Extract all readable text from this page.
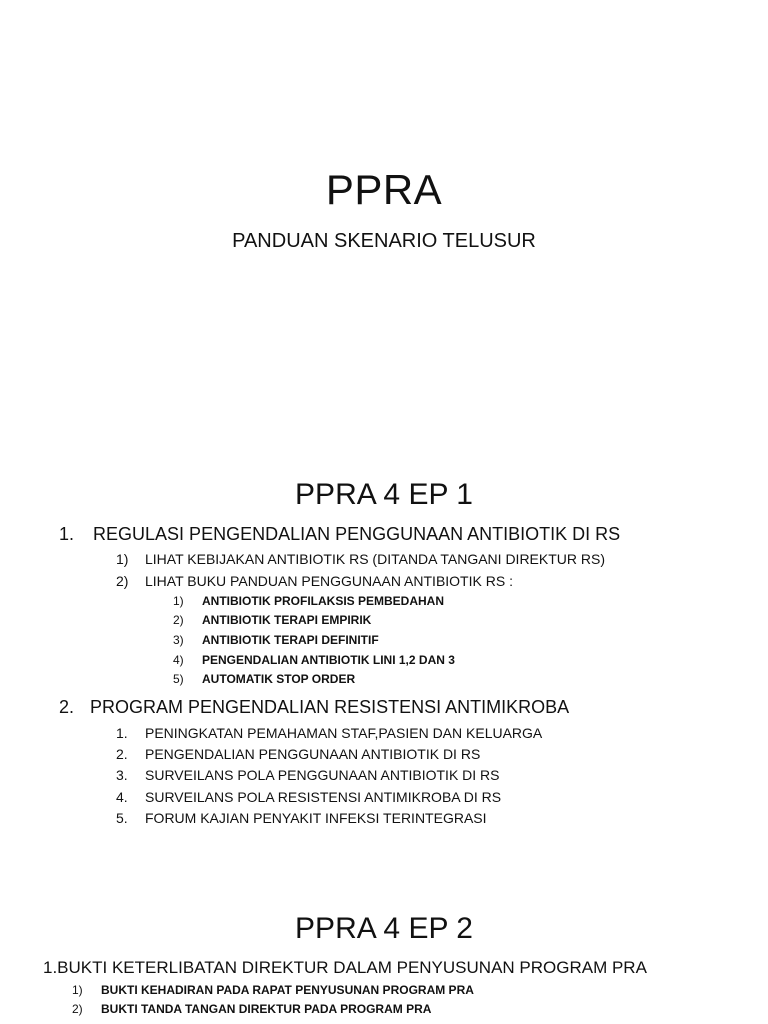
PPRA
PANDUAN SKENARIO TELUSUR
PPRA 4 EP 1
1. REGULASI PENGENDALIAN PENGGUNAAN ANTIBIOTIK DI RS
1) LIHAT KEBIJAKAN ANTIBIOTIK RS (DITANDA TANGANI DIREKTUR RS)
2) LIHAT BUKU PANDUAN PENGGUNAAN ANTIBIOTIK RS :
1) ANTIBIOTIK PROFILAKSIS PEMBEDAHAN
2) ANTIBIOTIK TERAPI EMPIRIK
3) ANTIBIOTIK TERAPI DEFINITIF
4) PENGENDALIAN ANTIBIOTIK LINI 1,2 DAN 3
5) AUTOMATIK STOP ORDER
2. PROGRAM PENGENDALIAN RESISTENSI ANTIMIKROBA
1. PENINGKATAN PEMAHAMAN STAF,PASIEN DAN KELUARGA
2. PENGENDALIAN PENGGUNAAN ANTIBIOTIK DI RS
3. SURVEILANS POLA PENGGUNAAN ANTIBIOTIK DI RS
4. SURVEILANS POLA RESISTENSI ANTIMIKROBA DI RS
5. FORUM KAJIAN PENYAKIT INFEKSI TERINTEGRASI
PPRA 4 EP 2
1.BUKTI KETERLIBATAN DIREKTUR DALAM PENYUSUNAN PROGRAM PRA
1) BUKTI KEHADIRAN PADA RAPAT PENYUSUNAN PROGRAM PRA
2) BUKTI TANDA TANGAN DIREKTUR PADA PROGRAM PRA
